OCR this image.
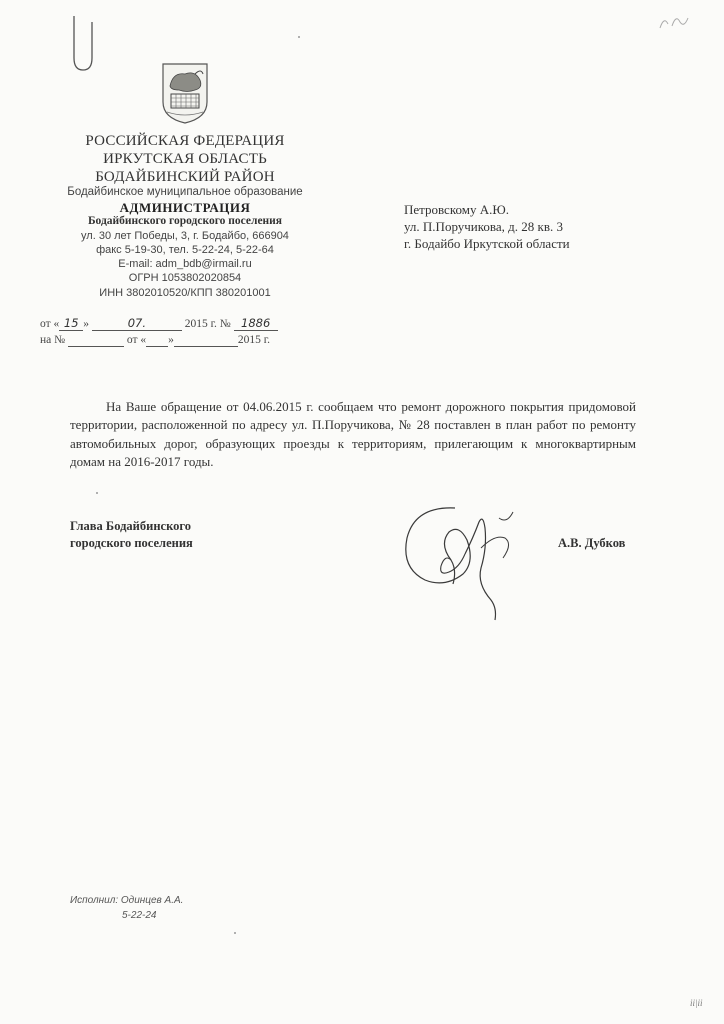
РОССИЙСКАЯ ФЕДЕРАЦИЯ
ИРКУТСКАЯ ОБЛАСТЬ
БОДАЙБИНСКИЙ РАЙОН
Бодайбинское муниципальное образование
АДМИНИСТРАЦИЯ
Бодайбинского городского поселения
ул. 30 лет Победы, 3, г. Бодайбо, 666904
факс 5-19-30, тел. 5-22-24, 5-22-64
E-mail: adm_bdb@irmail.ru
ОГРН 1053802020854
ИНН 3802010520/КПП 380201001
от « 15 »	07.	2015 г. № 1886
на №	от « »	2015 г.
Петровскому А.Ю.
ул. П.Поручикова, д. 28 кв. 3
г. Бодайбо Иркутской области
На Ваше обращение от 04.06.2015 г. сообщаем что ремонт дорожного покрытия придомовой территории, расположенной по адресу ул. П.Поручикова, № 28 поставлен в план работ по ремонту автомобильных дорог, образующих проезды к территориям, прилегающим к многоквартирным домам на 2016-2017 годы.
Глава Бодайбинского
городского поселения	А.В. Дубков
Исполнил: Одинцев А.А.
5-22-24
ii|ii
